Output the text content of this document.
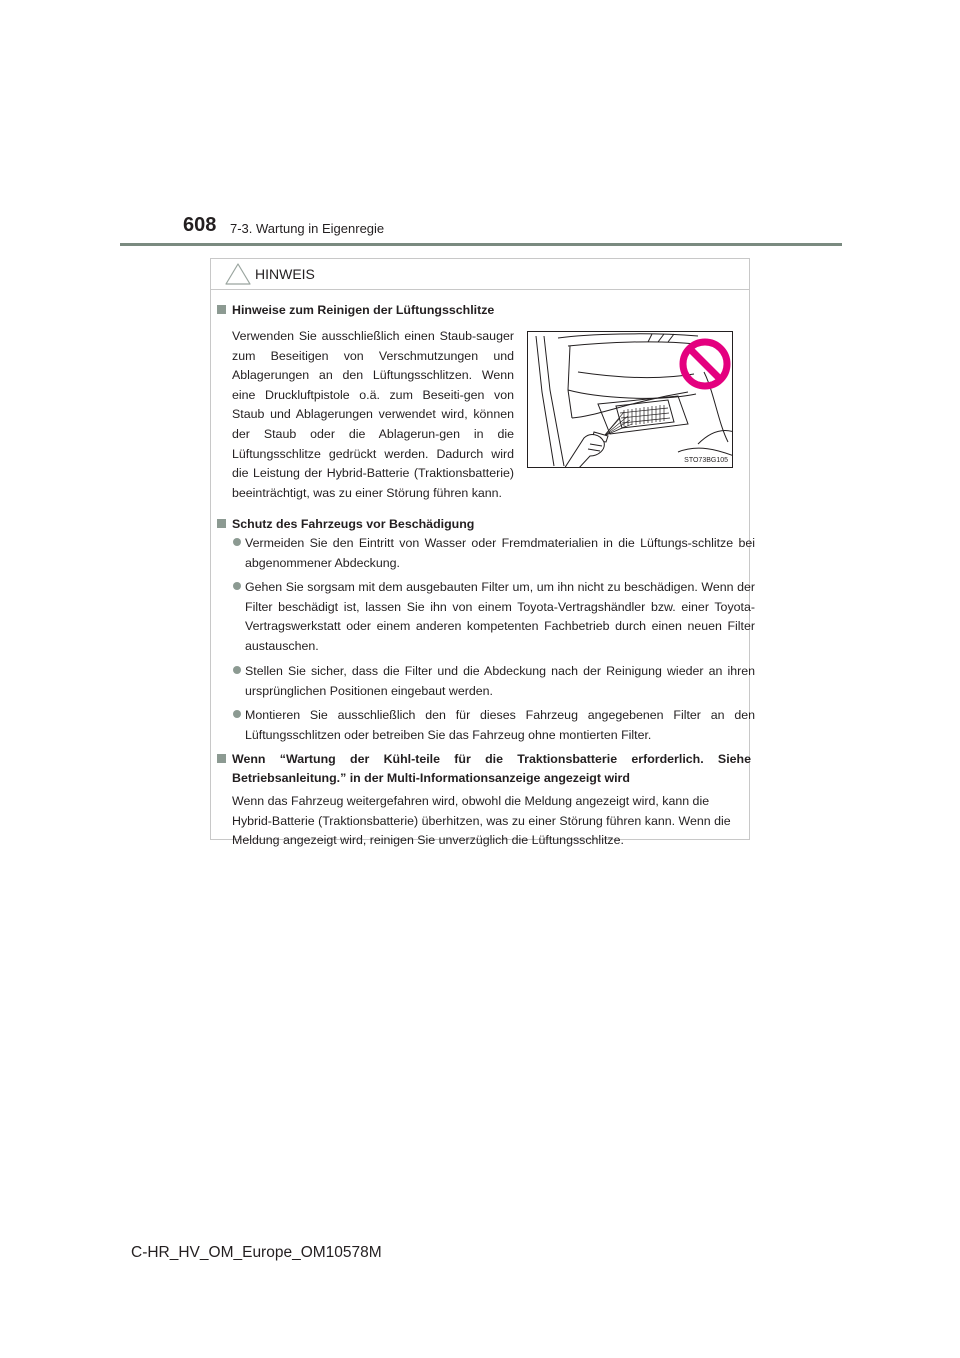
608 7-3. Wartung in Eigenregie
HINWEIS
Hinweise zum Reinigen der Lüftungsschlitze
Verwenden Sie ausschließlich einen Staub-sauger zum Beseitigen von Verschmutzungen und Ablagerungen an den Lüftungsschlitzen. Wenn eine Druckluftpistole o.ä. zum Beseiti-gen von Staub und Ablagerungen verwendet wird, können der Staub oder die Ablagerun-gen in die Lüftungsschlitze gedrückt werden. Dadurch wird die Leistung der Hybrid-Batterie (Traktionsbatterie) beeinträchtigt, was zu einer Störung führen kann.
STO73BG105
Schutz des Fahrzeugs vor Beschädigung
Vermeiden Sie den Eintritt von Wasser oder Fremdmaterialien in die Lüftungs-schlitze bei abgenommener Abdeckung.
Gehen Sie sorgsam mit dem ausgebauten Filter um, um ihn nicht zu beschädigen. Wenn der Filter beschädigt ist, lassen Sie ihn von einem Toyota-Vertragshändler bzw. einer Toyota-Vertragswerkstatt oder einem anderen kompetenten Fachbetrieb durch einen neuen Filter austauschen.
Stellen Sie sicher, dass die Filter und die Abdeckung nach der Reinigung wieder an ihren ursprünglichen Positionen eingebaut werden.
Montieren Sie ausschließlich den für dieses Fahrzeug angegebenen Filter an den Lüftungsschlitzen oder betreiben Sie das Fahrzeug ohne montierten Filter.
Wenn “Wartung der Kühl-teile für die Traktionsbatterie erforderlich. Siehe Betriebsanleitung.” in der Multi-Informationsanzeige angezeigt wird
Wenn das Fahrzeug weitergefahren wird, obwohl die Meldung angezeigt wird, kann die Hybrid-Batterie (Traktionsbatterie) überhitzen, was zu einer Störung führen kann. Wenn die Meldung angezeigt wird, reinigen Sie unverzüglich die Lüftungsschlitze.
C-HR_HV_OM_Europe_OM10578M
